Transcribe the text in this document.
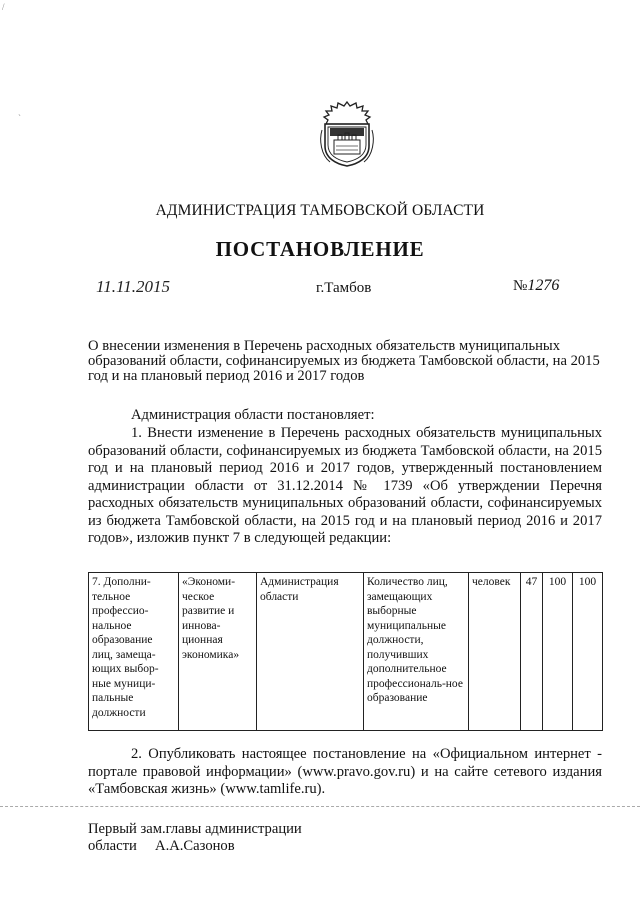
АДМИНИСТРАЦИЯ ТАМБОВСКОЙ ОБЛАСТИ
ПОСТАНОВЛЕНИЕ
11.11.2015	г.Тамбов	№1276
О внесении изменения в Перечень расходных обязательств муниципальных образований области, софинансируемых из бюджета Тамбовской области, на 2015 год и на плановый период 2016 и 2017 годов
Администрация области постановляет:
1. Внести изменение в Перечень расходных обязательств муниципальных образований области, софинансируемых из бюджета Тамбовской области, на 2015 год и на плановый период 2016 и 2017 годов, утвержденный постановлением администрации области от 31.12.2014 № 1739 «Об утверждении Перечня расходных обязательств муниципальных образований области, софинансируемых из бюджета Тамбовской области, на 2015 год и на плановый период 2016 и 2017 годов», изложив пункт 7 в следующей редакции:
7. Дополни-тельное профессио-нальное образование лиц, замеща-ющих выбор-ные муници-пальные должности	«Экономи-ческое развитие и иннова-ционная экономика»	Администрация области	Количество лиц, замещающих выборные муниципальные должности, получивших дополнительное профессиональ-ное образование	человек	47	100	100
2. Опубликовать настоящее постановление на «Официальном интернет - портале правовой информации» (www.pravo.gov.ru) и на сайте сетевого издания «Тамбовская жизнь» (www.tamlife.ru).
Первый зам.главы администрации
области А.А.Сазонов
/
`
